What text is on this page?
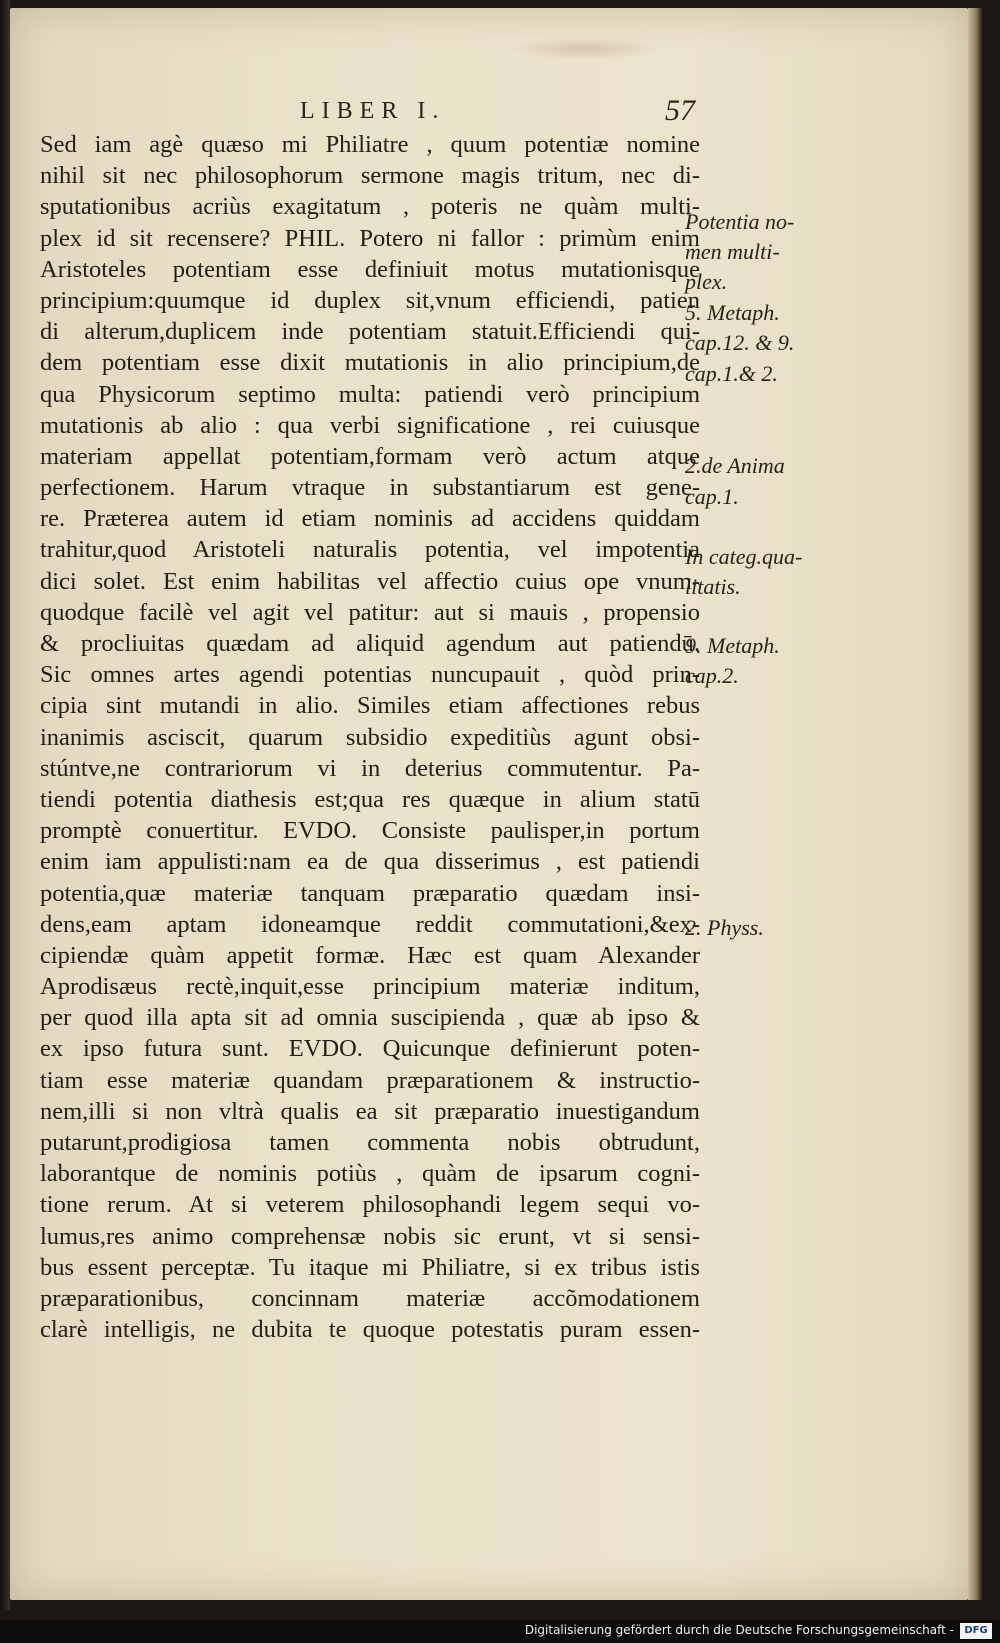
LIBER I.	57
Sed iam agè quæso mi Philiatre , quum potentiæ nomine
nihil sit nec philosophorum sermone magis tritum, nec di-
sputationibus acriùs exagitatum , poteris ne quàm multi-
plex id sit recensere? PHIL. Potero ni fallor : primùm enim
Aristoteles potentiam esse definiuit motus mutationisque
principium:quumque id duplex sit,vnum efficiendi, patien
di alterum,duplicem inde potentiam statuit.Efficiendi qui-
dem potentiam esse dixit mutationis in alio principium,de
qua Physicorum septimo multa: patiendi verò principium
mutationis ab alio : qua verbi significatione , rei cuiusque
materiam appellat potentiam,formam verò actum atque
perfectionem. Harum vtraque in substantiarum est gene-
re. Præterea autem id etiam nominis ad accidens quiddam
trahitur,quod Aristoteli naturalis potentia, vel impotentia
dici solet. Est enim habilitas vel affectio cuius ope vnum-
quodque facilè vel agit vel patitur: aut si mauis , propensio
& procliuitas quædam ad aliquid agendum aut patiendū.
Sic omnes artes agendi potentias nuncupauit , quòd prin-
cipia sint mutandi in alio. Similes etiam affectiones rebus
inanimis asciscit, quarum subsidio expeditiùs agunt obsi-
stúntve,ne contrariorum vi in deterius commutentur. Pa-
tiendi potentia diathesis est;qua res quæque in alium statū
promptè conuertitur. EVDO. Consiste paulisper,in portum
enim iam appulisti:nam ea de qua disserimus , est patiendi
potentia,quæ materiæ tanquam præparatio quædam insi-
dens,eam aptam idoneamque reddit commutationi,&ex-
cipiendæ quàm appetit formæ. Hæc est quam Alexander
Aprodisæus rectè,inquit,esse principium materiæ inditum,
per quod illa apta sit ad omnia suscipienda , quæ ab ipso &
ex ipso futura sunt. EVDO. Quicunque definierunt poten-
tiam esse materiæ quandam præparationem & instructio-
nem,illi si non vltrà qualis ea sit præparatio inuestigandum
putarunt,prodigiosa tamen commenta nobis obtrudunt,
laborantque de nominis potiùs , quàm de ipsarum cogni-
tione rerum. At si veterem philosophandi legem sequi vo-
lumus,res animo comprehensæ nobis sic erunt, vt si sensi-
bus essent perceptæ. Tu itaque mi Philiatre, si ex tribus istis
præparationibus, concinnam materiæ accõmodationem
clarè intelligis, ne dubita te quoque potestatis puram essen-
Potentia no-
men multi-
plex.
5. Metaph.
cap.12. & 9.
cap.1.& 2.
2.de Anima
cap.1.
In categ.qua-
litatis.
9. Metaph.
cap.2.
2. Physs.
Digitalisierung gefördert durch die Deutsche Forschungsgemeinschaft -	DFG
